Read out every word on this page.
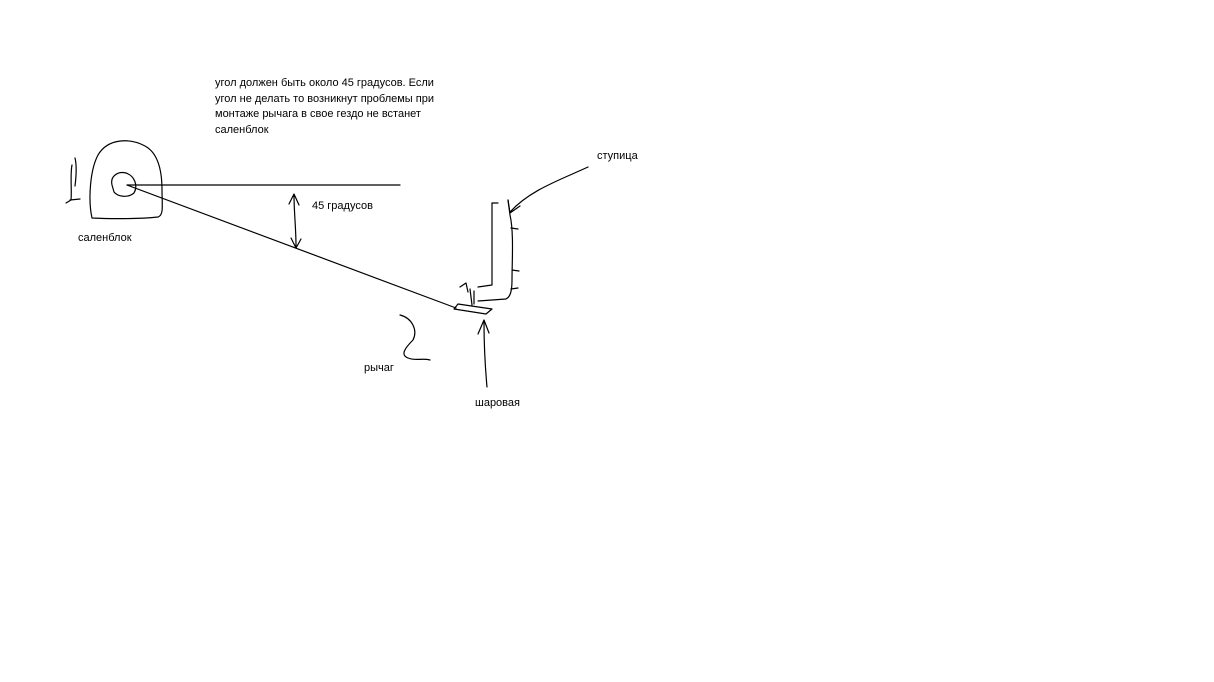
угол должен быть около 45 градусов. Если
угол не делать то возникнут проблемы при
монтаже рычага в свое гездо не встанет
саленблок
саленблок
45 градусов
ступица
рычаг
шаровая
